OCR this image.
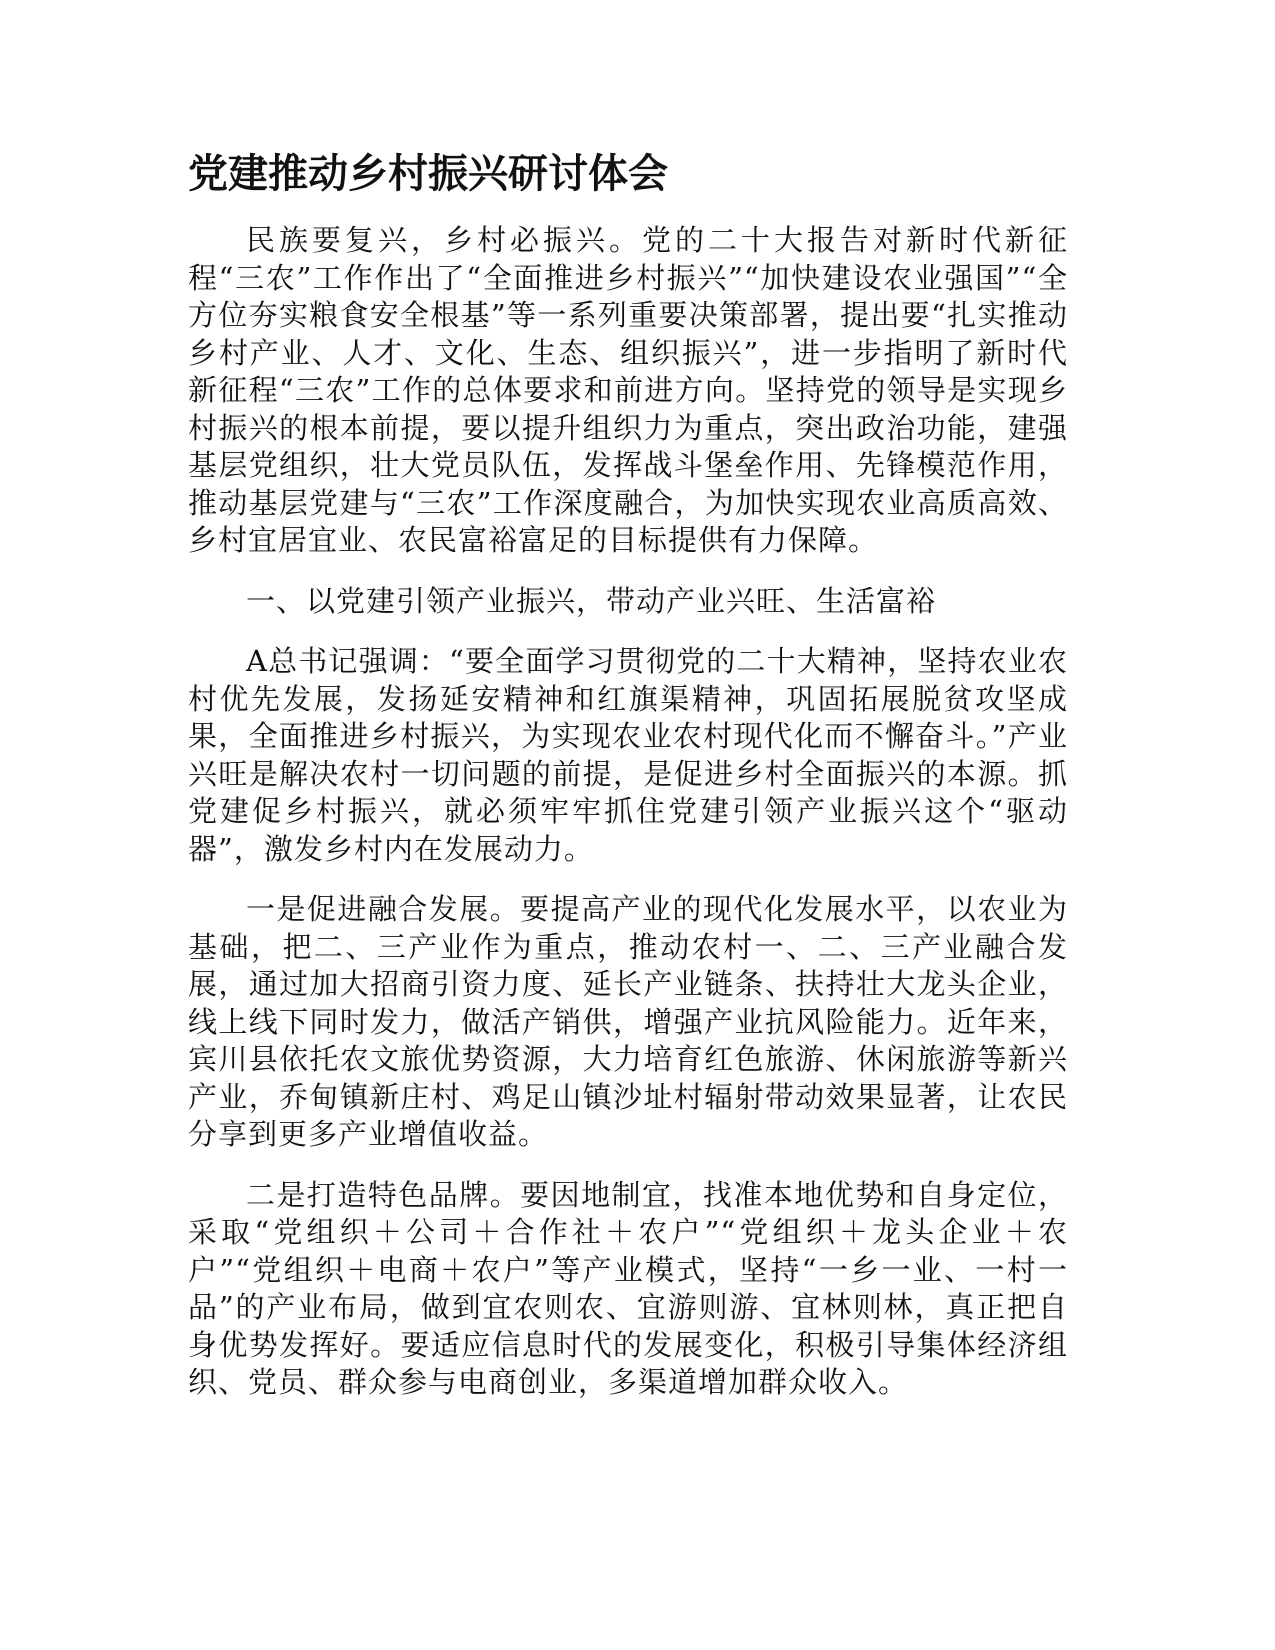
党建推动乡村振兴研讨体会

民族要复兴，乡村必振兴。党的二十大报告对新时代新征程“三农”工作作出了“全面推进乡村振兴”“加快建设农业强国”“全方位夯实粮食安全根基”等一系列重要决策部署，提出要“扎实推动乡村产业、人才、文化、生态、组织振兴”，进一步指明了新时代新征程“三农”工作的总体要求和前进方向。坚持党的领导是实现乡村振兴的根本前提，要以提升组织力为重点，突出政治功能，建强基层党组织，壮大党员队伍，发挥战斗堡垒作用、先锋模范作用，推动基层党建与“三农”工作深度融合，为加快实现农业高质高效、乡村宜居宜业、农民富裕富足的目标提供有力保障。

一、以党建引领产业振兴，带动产业兴旺、生活富裕

A总书记强调：“要全面学习贯彻党的二十大精神，坚持农业农村优先发展，发扬延安精神和红旗渠精神，巩固拓展脱贫攻坚成果，全面推进乡村振兴，为实现农业农村现代化而不懈奋斗。”产业兴旺是解决农村一切问题的前提，是促进乡村全面振兴的本源。抓党建促乡村振兴，就必须牢牢抓住党建引领产业振兴这个“驱动器”，激发乡村内在发展动力。

一是促进融合发展。要提高产业的现代化发展水平，以农业为基础，把二、三产业作为重点，推动农村一、二、三产业融合发展，通过加大招商引资力度、延长产业链条、扶持壮大龙头企业，线上线下同时发力，做活产销供，增强产业抗风险能力。近年来，宾川县依托农文旅优势资源，大力培育红色旅游、休闲旅游等新兴产业，乔甸镇新庄村、鸡足山镇沙址村辐射带动效果显著，让农民分享到更多产业增值收益。

二是打造特色品牌。要因地制宜，找准本地优势和自身定位，采取“党组织＋公司＋合作社＋农户”“党组织＋龙头企业＋农户”“党组织＋电商＋农户”等产业模式，坚持“一乡一业、一村一品”的产业布局，做到宜农则农、宜游则游、宜林则林，真正把自身优势发挥好。要适应信息时代的发展变化，积极引导集体经济组织、党员、群众参与电商创业，多渠道增加群众收入。
